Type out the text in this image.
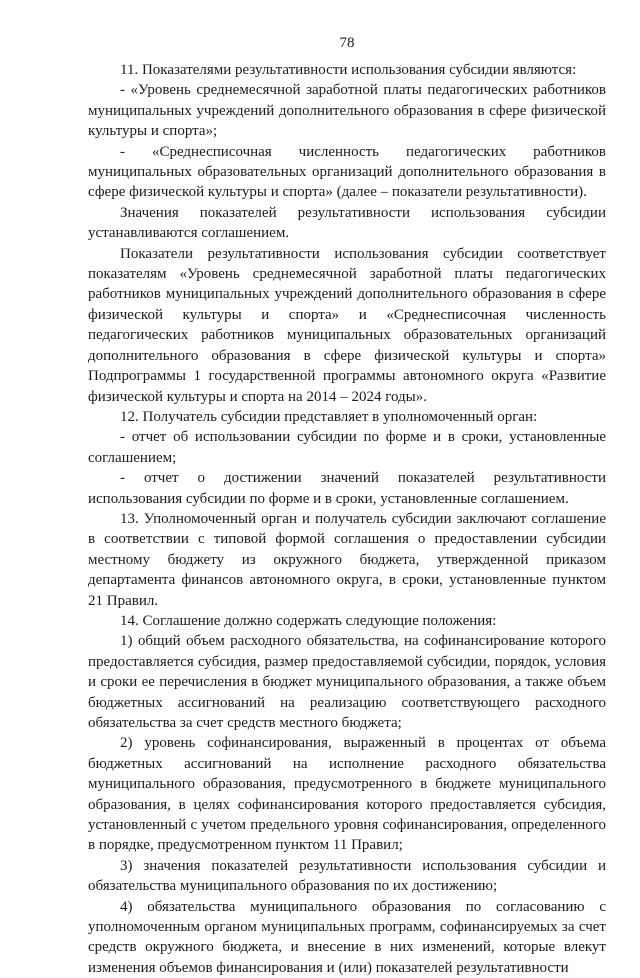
78

11. Показателями результативности использования субсидии являются:

- «Уровень среднемесячной заработной платы педагогических работников муниципальных учреждений дополнительного образования в сфере физической культуры и спорта»;

- «Среднесписочная численность педагогических работников муниципальных образовательных организаций дополнительного образования в сфере физической культуры и спорта» (далее – показатели результативности).

Значения показателей результативности использования субсидии устанавливаются соглашением.

Показатели результативности использования субсидии соответствует показателям «Уровень среднемесячной заработной платы педагогических работников муниципальных учреждений дополнительного образования в сфере физической культуры и спорта» и «Среднесписочная численность педагогических работников муниципальных образовательных организаций дополнительного образования в сфере физической культуры и спорта» Подпрограммы 1 государственной программы автономного округа «Развитие физической культуры и спорта на 2014 – 2024 годы».

12. Получатель субсидии представляет в уполномоченный орган:

- отчет об использовании субсидии по форме и в сроки, установленные соглашением;

- отчет о достижении значений показателей результативности использования субсидии по форме и в сроки, установленные соглашением.

13. Уполномоченный орган и получатель субсидии заключают соглашение в соответствии с типовой формой соглашения о предоставлении субсидии местному бюджету из окружного бюджета, утвержденной приказом департамента финансов автономного округа, в сроки, установленные пунктом 21 Правил.

14. Соглашение должно содержать следующие положения:

1) общий объем расходного обязательства, на софинансирование которого предоставляется субсидия, размер предоставляемой субсидии, порядок, условия и сроки ее перечисления в бюджет муниципального образования, а также объем бюджетных ассигнований на реализацию соответствующего расходного обязательства за счет средств местного бюджета;

2) уровень софинансирования, выраженный в процентах от объема бюджетных ассигнований на исполнение расходного обязательства муниципального образования, предусмотренного в бюджете муниципального образования, в целях софинансирования которого предоставляется субсидия, установленный с учетом предельного уровня софинансирования, определенного в порядке, предусмотренном пунктом 11 Правил;

3) значения показателей результативности использования субсидии и обязательства муниципального образования по их достижению;

4) обязательства муниципального образования по согласованию с уполномоченным органом муниципальных программ, софинансируемых за счет средств окружного бюджета, и внесение в них изменений, которые влекут изменения объемов финансирования и (или) показателей результативности
